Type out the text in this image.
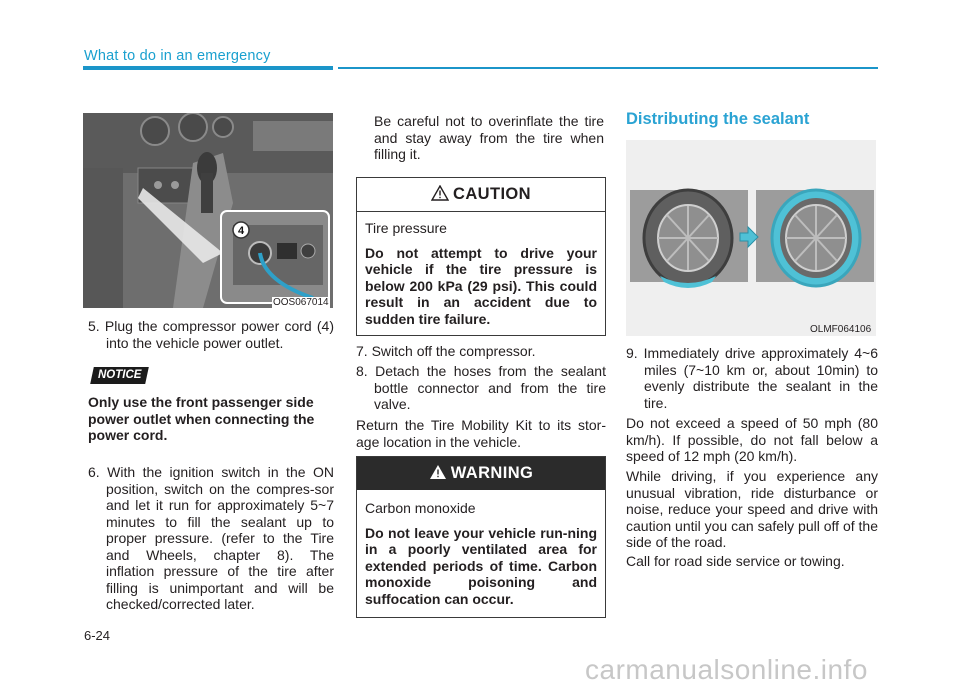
What to do in an emergency
4
OOS067014

5. Plug the compressor power cord (4) into the vehicle power outlet.

NOTICE

Only use the front passenger side power outlet when connecting the power cord.

6. With the ignition switch in the ON position, switch on the compres-sor and let it run for approximately 5~7 minutes to fill the sealant up to proper pressure. (refer to the Tire and Wheels, chapter 8). The inflation pressure of the tire after filling is unimportant and will be checked/corrected later.

Be careful not to overinflate the tire and stay away from the tire when filling it.

CAUTION

Tire pressure

Do not attempt to drive your vehicle if the tire pressure is below 200 kPa (29 psi). This could result in an accident due to sudden tire failure.

7. Switch off the compressor.

8. Detach the hoses from the sealant bottle connector and from the tire valve.

Return the Tire Mobility Kit to its stor-age location in the vehicle.

WARNING

Carbon monoxide

Do not leave your vehicle run-ning in a poorly ventilated area for extended periods of time. Carbon monoxide poisoning and suffocation can occur.

Distributing the sealant
OLMF064106

9. Immediately drive approximately 4~6 miles (7~10 km or, about 10min) to evenly distribute the sealant in the tire.

Do not exceed a speed of 50 mph (80 km/h). If possible, do not fall below a speed of 12 mph (20 km/h).

While driving, if you experience any unusual vibration, ride disturbance or noise, reduce your speed and drive with caution until you can safely pull off of the side of the road.

Call for road side service or towing.

6-24
carmanualsonline.info
